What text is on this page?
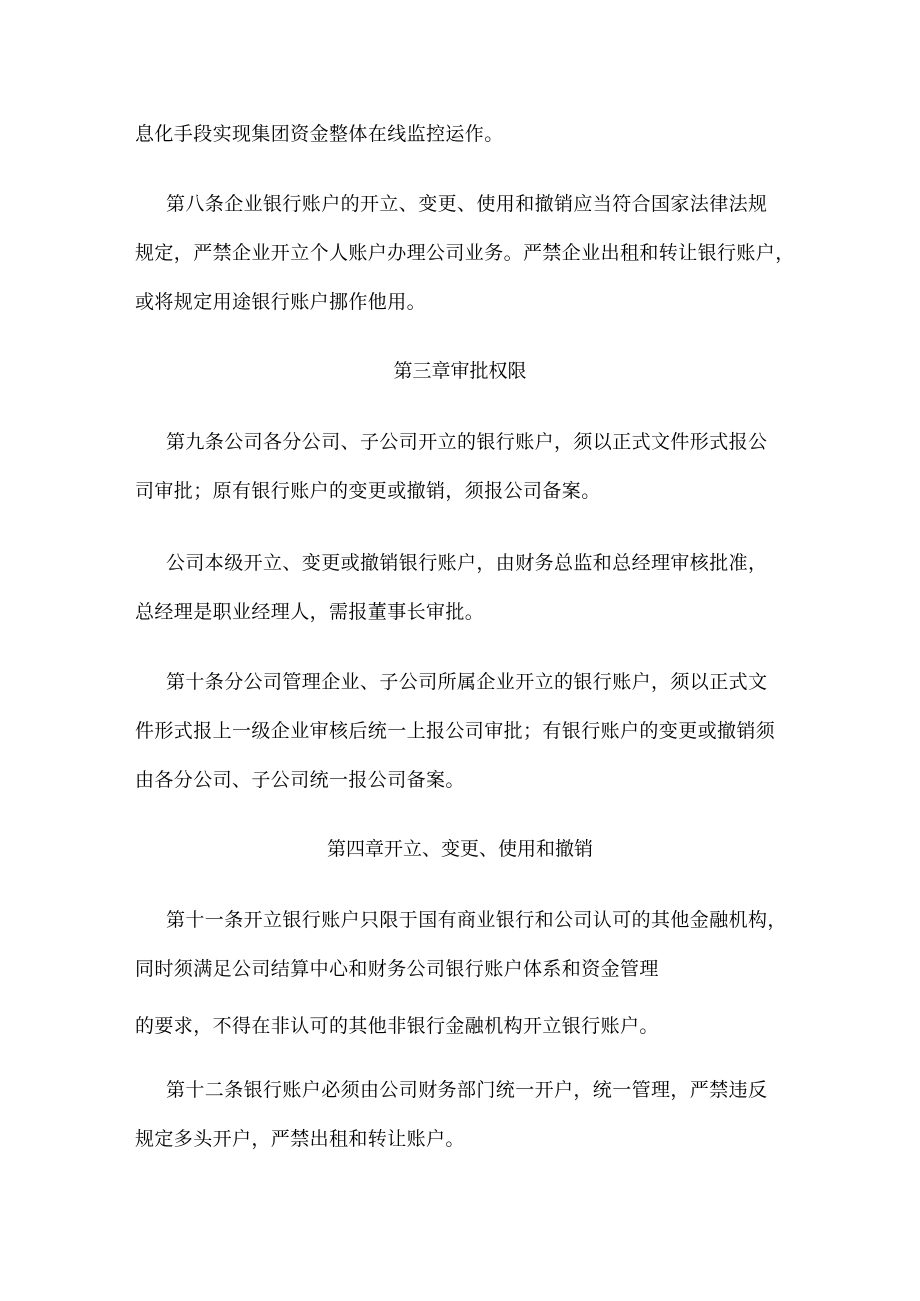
息化手段实现集团资金整体在线监控运作。
第八条企业银行账户的开立、变更、使用和撤销应当符合国家法律法规
规定，严禁企业开立个人账户办理公司业务。严禁企业出租和转让银行账户，
或将规定用途银行账户挪作他用。
第三章审批权限
第九条公司各分公司、子公司开立的银行账户，须以正式文件形式报公
司审批；原有银行账户的变更或撤销，须报公司备案。
公司本级开立、变更或撤销银行账户，由财务总监和总经理审核批准，
总经理是职业经理人，需报董事长审批。
第十条分公司管理企业、子公司所属企业开立的银行账户，须以正式文
件形式报上一级企业审核后统一上报公司审批；有银行账户的变更或撤销须
由各分公司、子公司统一报公司备案。
第四章开立、变更、使用和撤销
第十一条开立银行账户只限于国有商业银行和公司认可的其他金融机构，
同时须满足公司结算中心和财务公司银行账户体系和资金管理
的要求，不得在非认可的其他非银行金融机构开立银行账户。
第十二条银行账户必须由公司财务部门统一开户，统一管理，严禁违反
规定多头开户，严禁出租和转让账户。
